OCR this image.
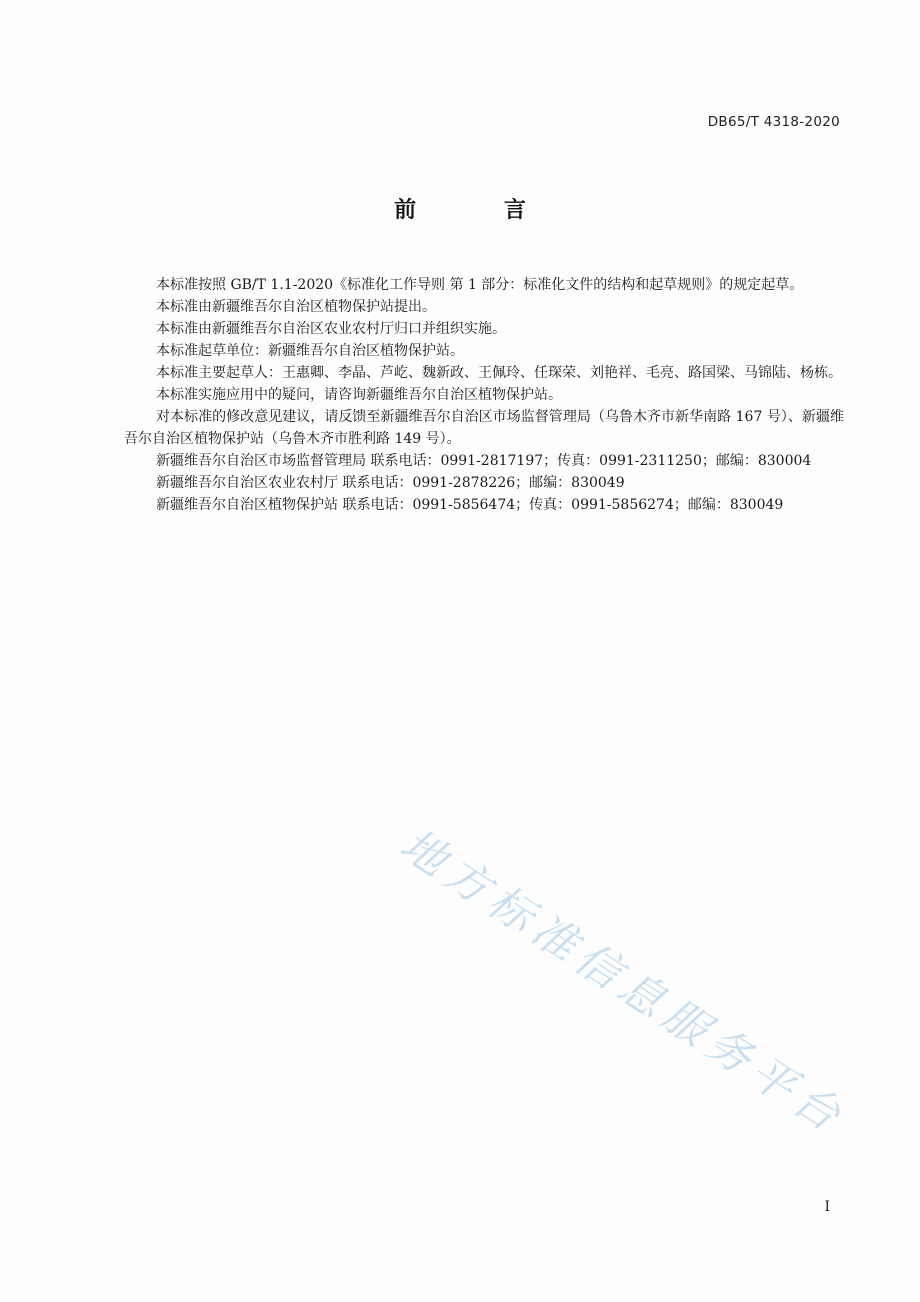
DB65/T 4318-2020
前 言

本标准按照 GB/T 1.1-2020《标准化工作导则 第 1 部分：标准化文件的结构和起草规则》的规定起草。

本标准由新疆维吾尔自治区植物保护站提出。

本标准由新疆维吾尔自治区农业农村厅归口并组织实施。

本标准起草单位：新疆维吾尔自治区植物保护站。

本标准主要起草人：王惠卿、李晶、芦屹、魏新政、王佩玲、任琛荣、刘艳祥、毛亮、路国梁、马锦陆、杨栋。

本标准实施应用中的疑问，请咨询新疆维吾尔自治区植物保护站。

对本标准的修改意见建议，请反馈至新疆维吾尔自治区市场监督管理局（乌鲁木齐市新华南路 167 号）、新疆维吾尔自治区植物保护站（乌鲁木齐市胜利路 149 号）。

新疆维吾尔自治区市场监督管理局 联系电话：0991-2817197；传真：0991-2311250；邮编：830004

新疆维吾尔自治区农业农村厅 联系电话：0991-2878226；邮编：830049

新疆维吾尔自治区植物保护站 联系电话：0991-5856474；传真：0991-5856274；邮编：830049

地方标准信息服务平台
I
